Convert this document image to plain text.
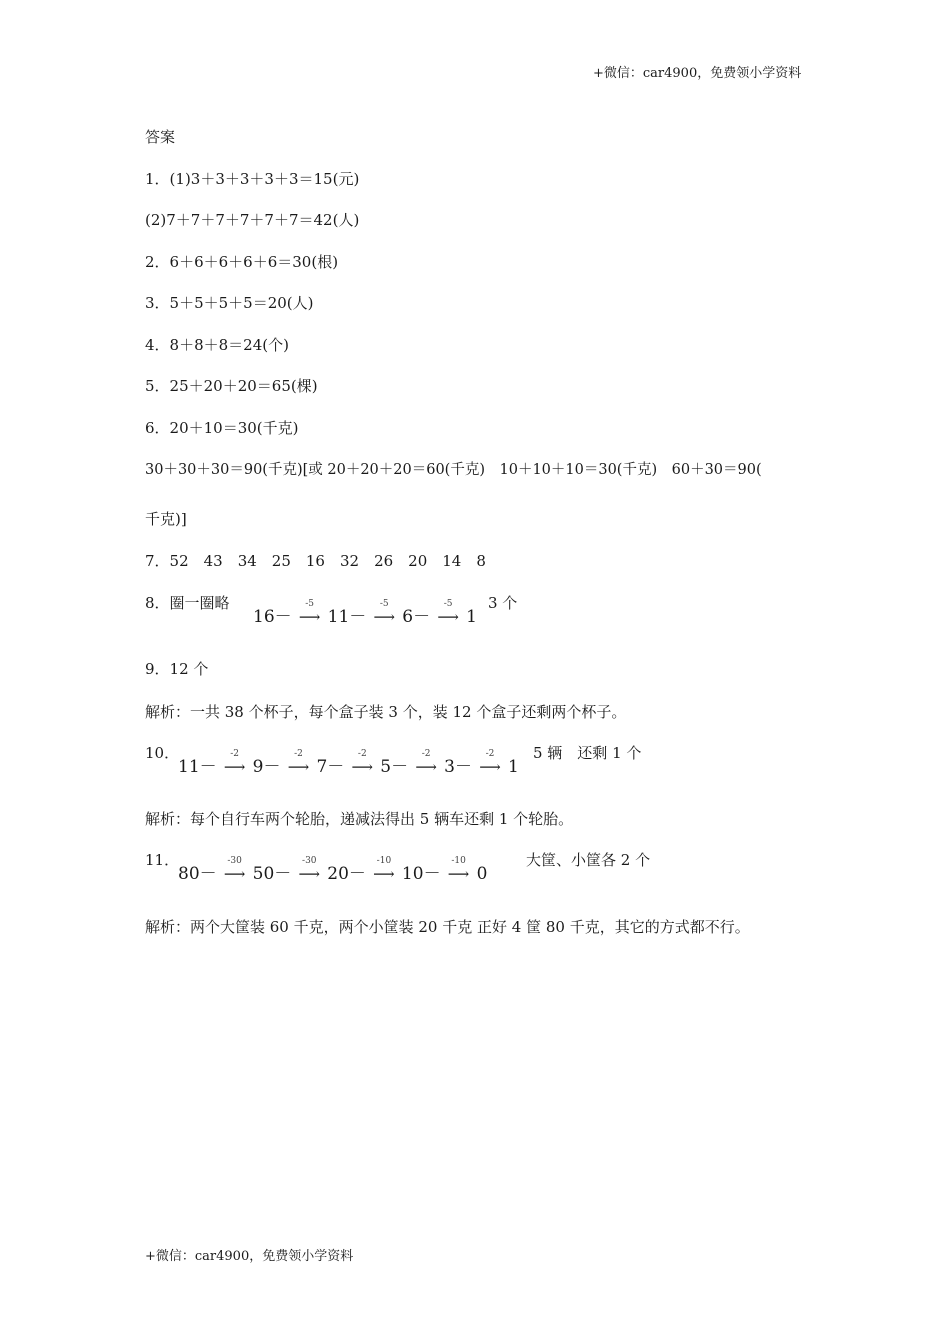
+微信：car4900，免费领小学资料
答案
1．(1)3＋3＋3＋3＋3＝15(元)
(2)7＋7＋7＋7＋7＋7＝42(人)
2．6＋6＋6＋6＋6＝30(根)
3．5＋5＋5＋5＝20(人)
4．8＋8＋8＝24(个)
5．25＋20＋20＝65(棵)
6．20＋10＝30(千克)
30＋30＋30＝90(千克)[或 20＋20＋20＝60(千克)　10＋10＋10＝30(千克)　60＋30＝90(
千克)]
7．52　43　34　25　16　32　26　20　14　8
8．圈一圈略
16－
-5
⟶ 11－
-5
⟶ 6－
-5
⟶ 1
3 个
9．12 个
解析：一共 38 个杯子，每个盒子装 3 个，装 12 个盒子还剩两个杯子。
10．
11－
-2
⟶ 9－
-2
⟶ 7－
-2
⟶ 5－
-2
⟶ 3－
-2
⟶ 1
5 辆　还剩 1 个
解析：每个自行车两个轮胎，递减法得出 5 辆车还剩 1 个轮胎。
11．
80－
-30
⟶ 50－
-30
⟶ 20－
-10
⟶ 10－
-10
⟶ 0
大筐、小筐各 2 个
解析：两个大筐装 60 千克，两个小筐装 20 千克 正好 4 筐 80 千克，其它的方式都不行。
+微信：car4900，免费领小学资料
